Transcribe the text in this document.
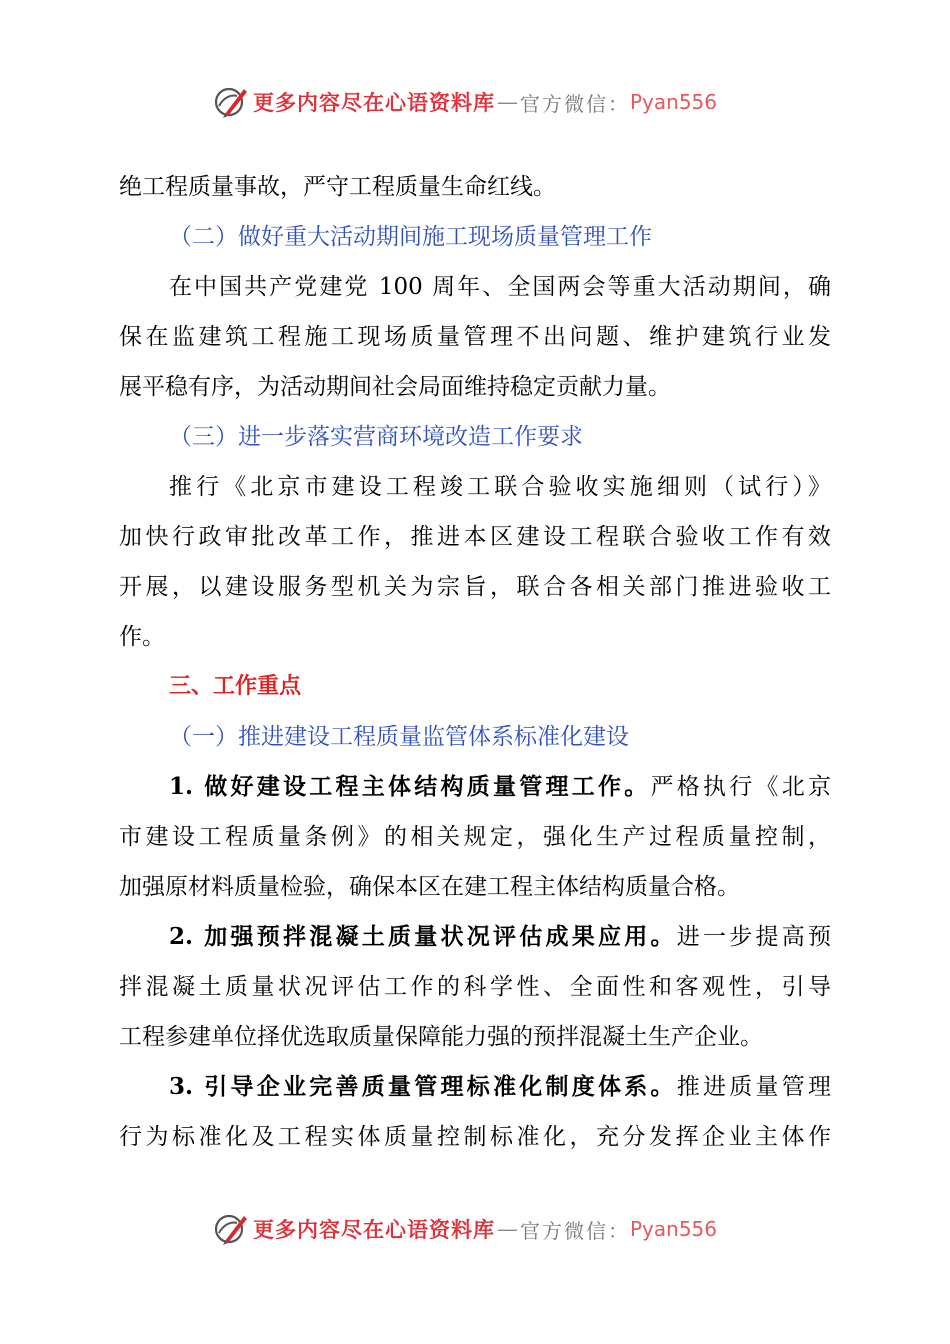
更多内容尽在心语资料库 — 官方微信： Pyan556
绝工程质量事故，严守工程质量生命红线。
（二）做好重大活动期间施工现场质量管理工作
在中国共产党建党 100 周年、全国两会等重大活动期间，确
保在监建筑工程施工现场质量管理不出问题、维护建筑行业发
展平稳有序，为活动期间社会局面维持稳定贡献力量。
（三）进一步落实营商环境改造工作要求
推行《北京市建设工程竣工联合验收实施细则（试行）》
加快行政审批改革工作，推进本区建设工程联合验收工作有效
开展，以建设服务型机关为宗旨，联合各相关部门推进验收工
作。
三、工作重点
（一）推进建设工程质量监管体系标准化建设
1. 做好建设工程主体结构质量管理工作。严格执行《北京
市建设工程质量条例》的相关规定，强化生产过程质量控制，
加强原材料质量检验，确保本区在建工程主体结构质量合格。
2. 加强预拌混凝土质量状况评估成果应用。进一步提高预
拌混凝土质量状况评估工作的科学性、全面性和客观性，引导
工程参建单位择优选取质量保障能力强的预拌混凝土生产企业。
3. 引导企业完善质量管理标准化制度体系。推进质量管理
行为标准化及工程实体质量控制标准化，充分发挥企业主体作
更多内容尽在心语资料库 — 官方微信： Pyan556
